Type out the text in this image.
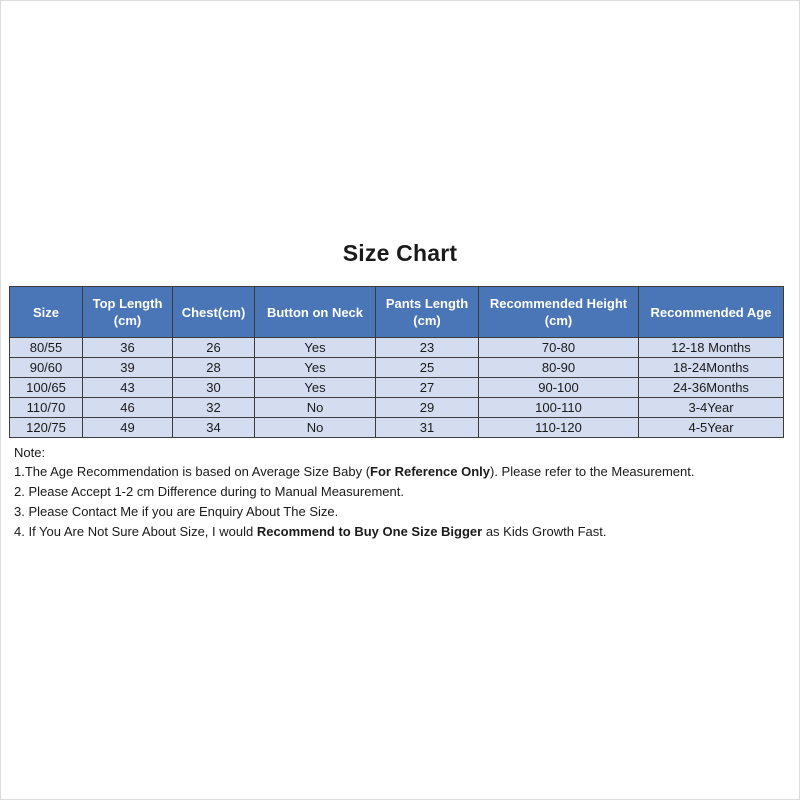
Size Chart
Size	Top Length (cm)	Chest(cm)	Button on Neck	Pants Length (cm)	Recommended Height (cm)	Recommended Age
80/55	36	26	Yes	23	70-80	12-18 Months
90/60	39	28	Yes	25	80-90	18-24Months
100/65	43	30	Yes	27	90-100	24-36Months
110/70	46	32	No	29	100-110	3-4Year
120/75	49	34	No	31	110-120	4-5Year
Note:
1.The Age Recommendation is based on Average Size Baby (For Reference Only). Please refer to the Measurement.
2. Please Accept 1-2 cm Difference during to Manual Measurement.
3. Please Contact Me if you are Enquiry About The Size.
4. If You Are Not Sure About Size, I would Recommend to Buy One Size Bigger as Kids Growth Fast.
